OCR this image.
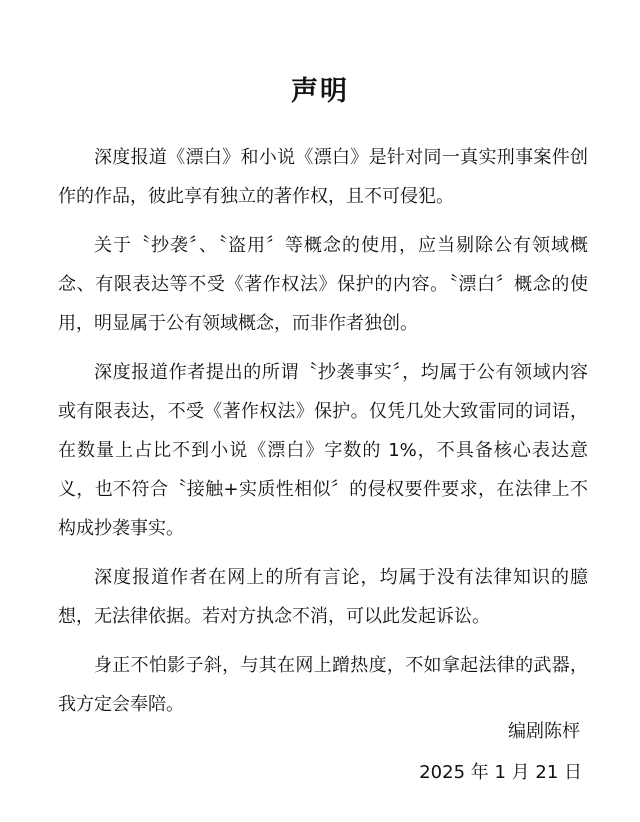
声明

深度报道《漂白》和小说《漂白》是针对同一真实刑事案件创作的作品，彼此享有独立的著作权，且不可侵犯。

关于〝抄袭〞、〝盗用〞等概念的使用，应当剔除公有领域概念、有限表达等不受《著作权法》保护的内容。〝漂白〞概念的使用，明显属于公有领域概念，而非作者独创。

深度报道作者提出的所谓〝抄袭事实〞，均属于公有领域内容或有限表达，不受《著作权法》保护。仅凭几处大致雷同的词语，在数量上占比不到小说《漂白》字数的 1%，不具备核心表达意义，也不符合〝接触+实质性相似〞的侵权要件要求，在法律上不构成抄袭事实。

深度报道作者在网上的所有言论，均属于没有法律知识的臆想，无法律依据。若对方执念不消，可以此发起诉讼。

身正不怕影子斜，与其在网上蹭热度，不如拿起法律的武器，我方定会奉陪。

编剧陈枰

2025 年 1 月 21 日
